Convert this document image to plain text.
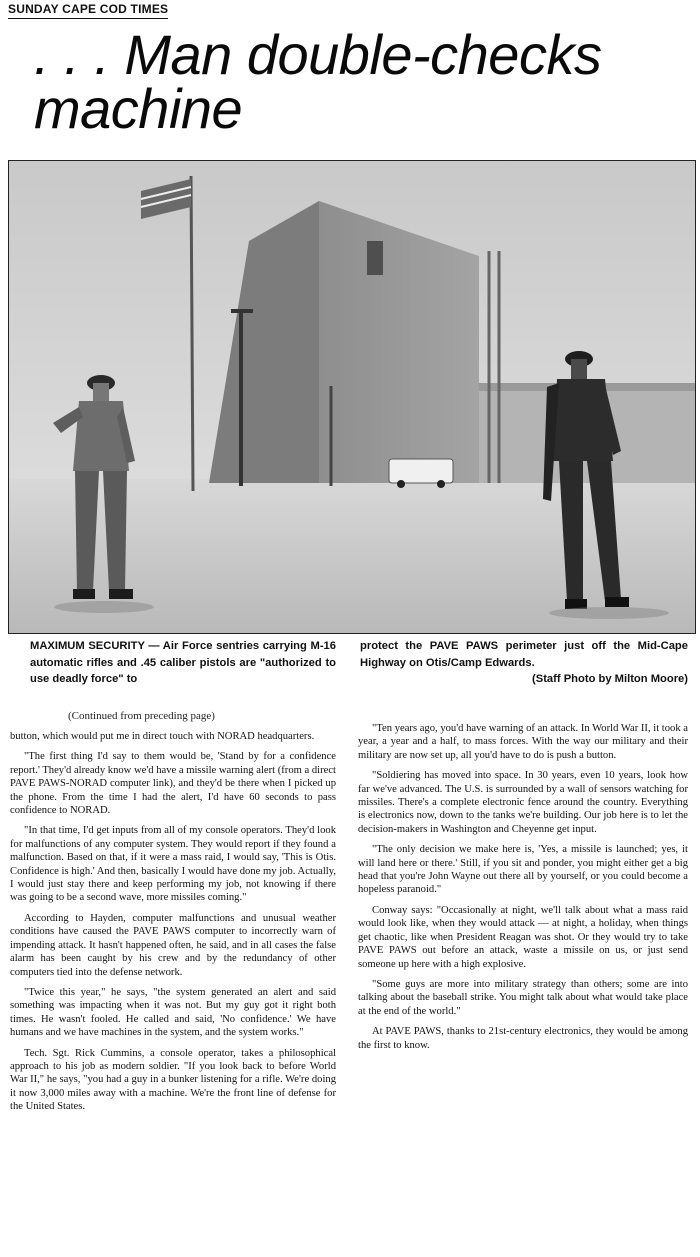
SUNDAY CAPE COD TIMES
. . . Man double-checks
machine
MAXIMUM SECURITY — Air Force sentries carrying M-16 automatic rifles and .45 caliber pistols are "authorized to use deadly force" to
protect the PAVE PAWS perimeter just off the Mid-Cape Highway on Otis/Camp Edwards.
(Staff Photo by Milton Moore)
(Continued from preceding page)

button, which would put me in direct touch with NORAD headquarters.

"The first thing I'd say to them would be, 'Stand by for a confidence report.' They'd already know we'd have a missile warning alert (from a direct PAVE PAWS-NORAD computer link), and they'd be there when I picked up the phone. From the time I had the alert, I'd have 60 seconds to pass confidence to NORAD.

"In that time, I'd get inputs from all of my console operators. They'd look for malfunctions of any computer system. They would report if they found a malfunction. Based on that, if it were a mass raid, I would say, 'This is Otis. Confidence is high.' And then, basically I would have done my job. Actually, I would just stay there and keep performing my job, not knowing if there was going to be a second wave, more missiles coming."

According to Hayden, computer malfunctions and unusual weather conditions have caused the PAVE PAWS computer to incorrectly warn of impending attack. It hasn't happened often, he said, and in all cases the false alarm has been caught by his crew and by the redundancy of other computers tied into the defense network.

"Twice this year," he says, "the system generated an alert and said something was impacting when it was not. But my guy got it right both times. He wasn't fooled. He called and said, 'No confidence.' We have humans and we have machines in the system, and the system works."

Tech. Sgt. Rick Cummins, a console operator, takes a philosophical approach to his job as modern soldier. "If you look back to before World War II," he says, "you had a guy in a bunker listening for a rifle. We're doing it now 3,000 miles away with a machine. We're the front line of defense for the United States.

"Ten years ago, you'd have warning of an attack. In World War II, it took a year, a year and a half, to mass forces. With the way our military and their military are now set up, all you'd have to do is push a button.

"Soldiering has moved into space. In 30 years, even 10 years, look how far we've advanced. The U.S. is surrounded by a wall of sensors watching for missiles. There's a complete electronic fence around the country. Everything is electronics now, down to the tanks we're building. Our job here is to let the decision-makers in Washington and Cheyenne get input.

"The only decision we make here is, 'Yes, a missile is launched; yes, it will land here or there.' Still, if you sit and ponder, you might either get a big head that you're John Wayne out there all by yourself, or you could become a hopeless paranoid."

Conway says: "Occasionally at night, we'll talk about what a mass raid would look like, when they would attack — at night, a holiday, when things get chaotic, like when President Reagan was shot. Or they would try to take PAVE PAWS out before an attack, waste a missile on us, or just send someone up here with a high explosive.

"Some guys are more into military strategy than others; some are into talking about the baseball strike. You might talk about what would take place at the end of the world."

At PAVE PAWS, thanks to 21st-century electronics, they would be among the first to know.
